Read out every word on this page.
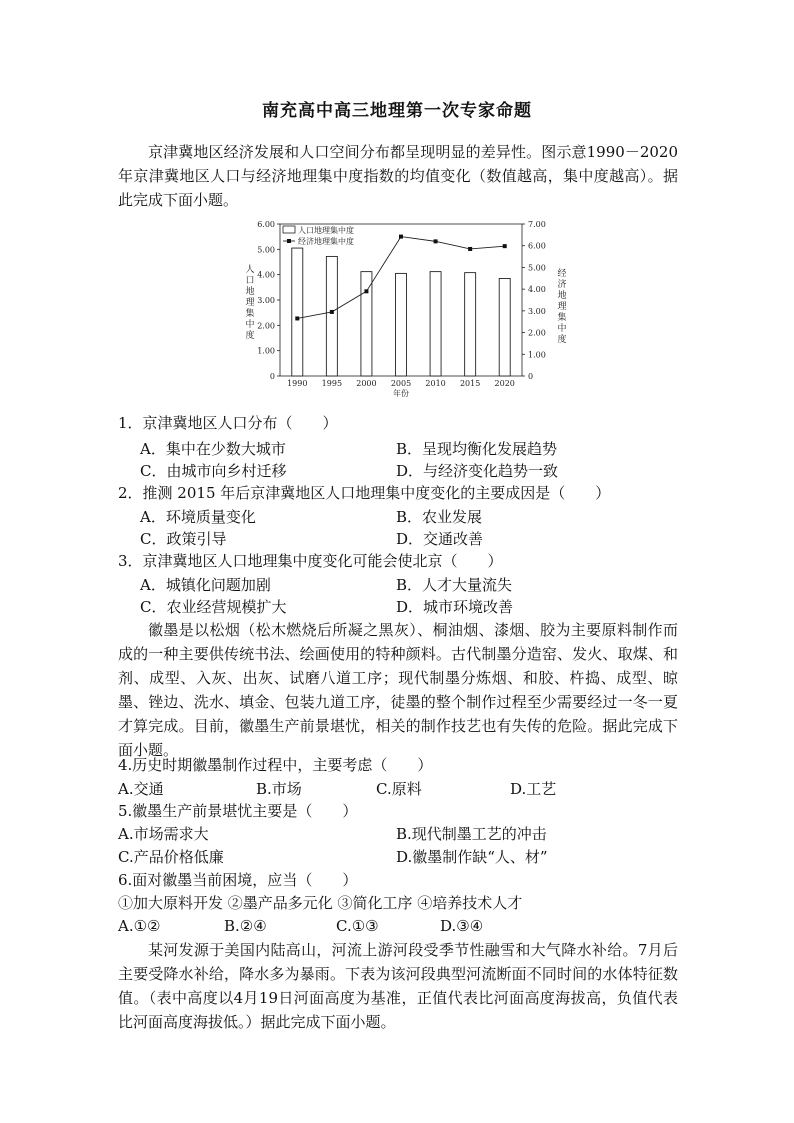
南充高中高三地理第一次专家命题

京津冀地区经济发展和人口空间分布都呈现明显的差异性。图示意1990－2020年京津冀地区人口与经济地理集中度指数的均值变化（数值越高，集中度越高）。据此完成下面小题。

0
1.00
2.00
3.00
4.00
5.00
6.00
0
1.00
2.00
3.00
4.00
5.00
6.00
7.00
1990 1995 2000 2005 2010 2015 2020
年份
人口地理集中度
经济地理集中度
人口地理集中度
经济地理集中度
1．京津冀地区人口分布（　　）
A．集中在少数大城市	B．呈现均衡化发展趋势
C．由城市向乡村迁移	D．与经济变化趋势一致
2．推测 2015 年后京津冀地区人口地理集中度变化的主要成因是（　　）
A．环境质量变化	B．农业发展
C．政策引导	D．交通改善
3．京津冀地区人口地理集中度变化可能会使北京（　　）
A．城镇化问题加剧	B．人才大量流失
C．农业经营规模扩大	D．城市环境改善

徽墨是以松烟（松木燃烧后所凝之黑灰）、桐油烟、漆烟、胶为主要原料制作而成的一种主要供传统书法、绘画使用的特种颜料。古代制墨分造窑、发火、取煤、和剂、成型、入灰、出灰、试磨八道工序；现代制墨分炼烟、和胶、杵捣、成型、晾墨、锉边、洗水、填金、包装九道工序，徒墨的整个制作过程至少需要经过一冬一夏才算完成。目前，徽墨生产前景堪忧，相关的制作技艺也有失传的危险。据此完成下面小题。

4.历史时期徽墨制作过程中，主要考虑（　　）
A.交通	B.市场	C.原料	D.工艺
5.徽墨生产前景堪忧主要是（　　）
A.市场需求大	B.现代制墨工艺的冲击
C.产品价格低廉	D.徽墨制作缺“人、材”
6.面对徽墨当前困境，应当（　　）
①加大原料开发 ②墨产品多元化 ③简化工序 ④培养技术人才
A.①②	B.②④	C.①③	D.③④

某河发源于美国内陆高山，河流上游河段受季节性融雪和大气降水补给。7月后主要受降水补给，降水多为暴雨。下表为该河段典型河流断面不同时间的水体特征数值。（表中高度以4月19日河面高度为基准，正值代表比河面高度海拔高，负值代表比河面高度海拔低。）据此完成下面小题。
